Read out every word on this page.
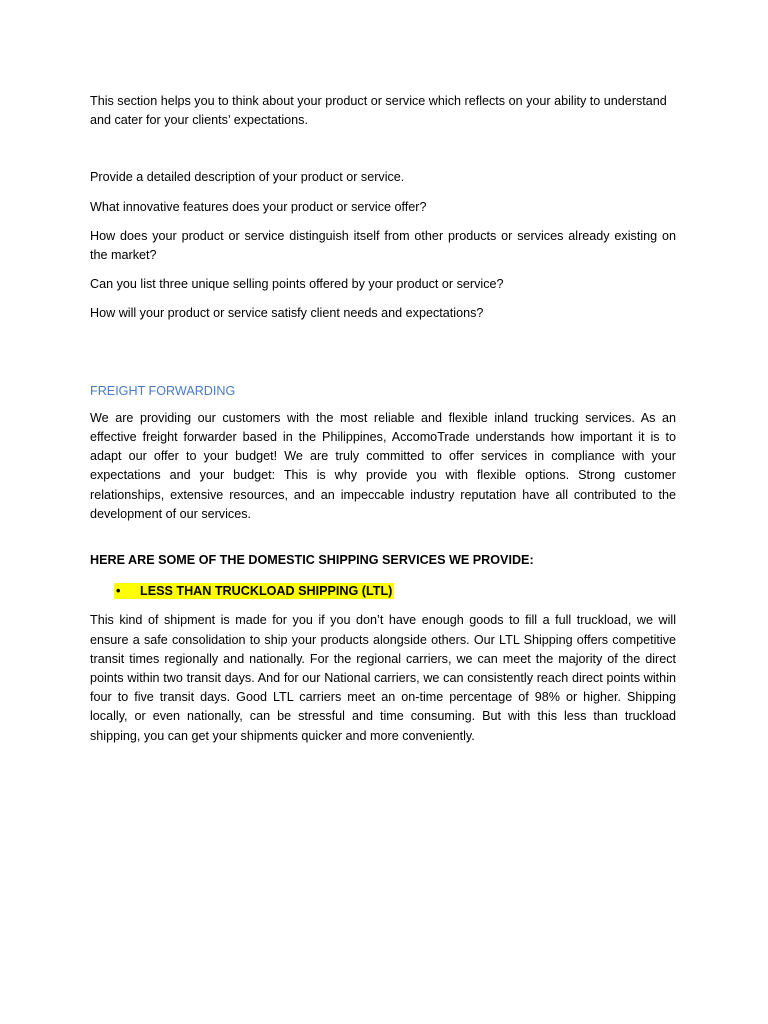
This section helps you to think about your product or service which reflects on your ability to understand and cater for your clients’ expectations.

Provide a detailed description of your product or service.

What innovative features does your product or service offer?

How does your product or service distinguish itself from other products or services already existing on the market?

Can you list three unique selling points offered by your product or service?

How will your product or service satisfy client needs and expectations?

FREIGHT FORWARDING

We are providing our customers with the most reliable and flexible inland trucking services. As an effective freight forwarder based in the Philippines, AccomoTrade understands how important it is to adapt our offer to your budget! We are truly committed to offer services in compliance with your expectations and your budget: This is why provide you with flexible options. Strong customer relationships, extensive resources, and an impeccable industry reputation have all contributed to the development of our services.

HERE ARE SOME OF THE DOMESTIC SHIPPING SERVICES WE PROVIDE:

• LESS THAN TRUCKLOAD SHIPPING (LTL)

This kind of shipment is made for you if you don’t have enough goods to fill a full truckload, we will ensure a safe consolidation to ship your products alongside others. Our LTL Shipping offers competitive transit times regionally and nationally. For the regional carriers, we can meet the majority of the direct points within two transit days. And for our National carriers, we can consistently reach direct points within four to five transit days. Good LTL carriers meet an on-time percentage of 98% or higher. Shipping locally, or even nationally, can be stressful and time consuming. But with this less than truckload shipping, you can get your shipments quicker and more conveniently.
